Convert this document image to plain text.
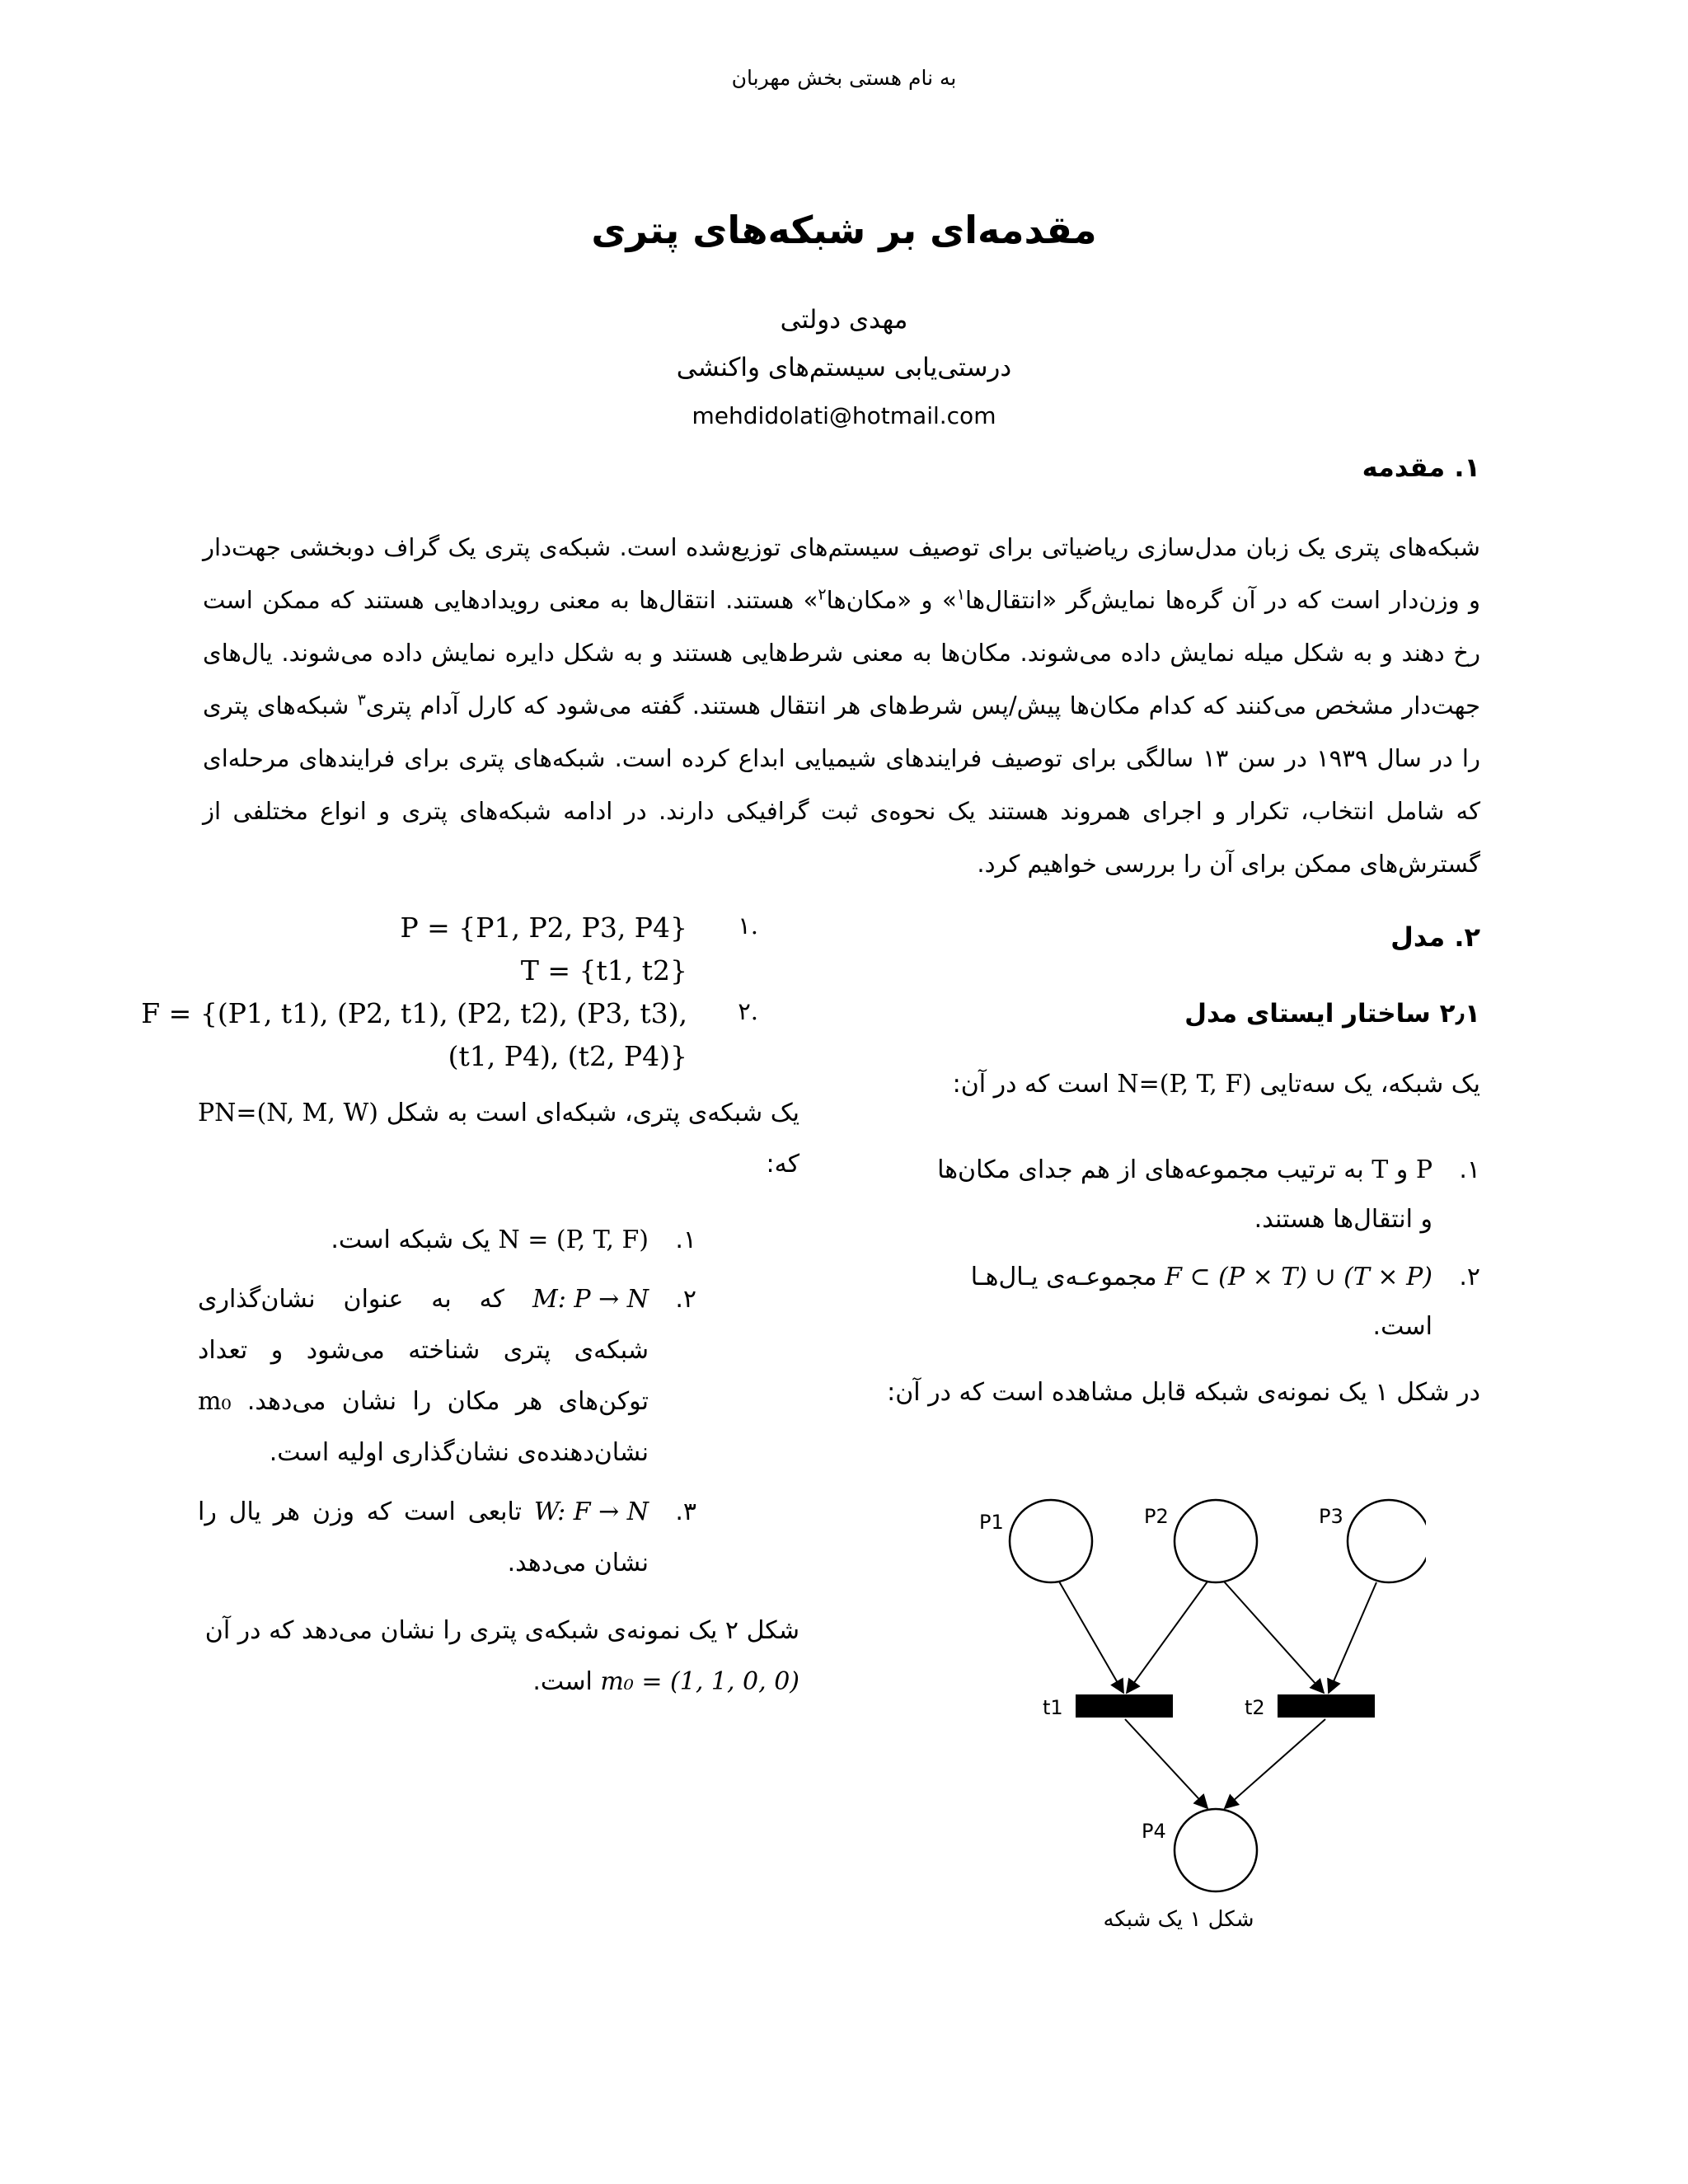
به نام هستی بخش مهربان
مقدمه‌ای بر شبکه‌های پتری
مهدی دولتی
درستی‌یابی سیستم‌های واکنشی
mehdidolati@hotmail.com
۱. مقدمه
شبکه‌های پتری یک زبان مدل‌سازی ریاضیاتی برای توصیف سیستم‌های توزیع‌شده است. شبکه‌ی پتری یک گراف دوبخشی جهت‌دار و وزن‌دار است که در آن گره‌ها نمایش‌گر «انتقال‌ها$^۱$» و «مکان‌ها$^۲$» هستند. انتقال‌ها به معنی رویدادهایی هستند که ممکن است رخ دهند و به شکل میله نمایش داده می‌شوند. مکان‌ها به معنی شرط‌هایی هستند و به شکل دایره نمایش داده می‌شوند. یال‌های جهت‌دار مشخص می‌کنند که کدام مکان‌ها پیش/پس شرط‌های هر انتقال هستند. گفته می‌شود که کارل آدام پتری$^۳$ شبکه‌های پتری را در سال ۱۹۳۹ در سن ۱۳ سالگی برای توصیف فرایندهای شیمیایی ابداع کرده است. شبکه‌های پتری برای فرایندهای مرحله‌ای که شامل انتخاب، تکرار و اجرای همروند هستند یک نحوه‌ی ثبت گرافیکی دارند. در ادامه شبکه‌های پتری و انواع مختلفی از گسترش‌های ممکن برای آن را بررسی خواهیم کرد.
۲. مدل
۲٫۱ ساختار ایستای مدل
یک شبکه، یک سه‌تایی N=(P, T, F) است که در آن:
۱.
P و T به ترتیب مجموعه‌های از هم جدای مکان‌ها و انتقال‌ها هستند.
۲.
F ⊂ (P × T) ∪ (T × P) مجموعـه‌ی یـال‌هـا است.
در شکل ۱ یک نمونه‌ی شبکه قابل مشاهده است که در آن:
۱.
P = {P1, P2, P3, P4}
T = {t1, t2}
۲.
F = {(P1, t1), (P2, t1), (P2, t2), (P3, t3),
(t1, P4), (t2, P4)}
یک شبکه‌ی پتری، شبکه‌ای است به شکل PN=(N, M, W) که:
۱.
N = (P, T, F) یک شبکه است.
۲.
M: P → N که به عنوان نشان‌گذاری شبکه‌ی پتری شناخته می‌شود و تعداد توکن‌های هر مکان را نشان می‌دهد. m₀ نشان‌دهنده‌ی نشان‌گذاری اولیه است.
۳.
W: F → N تابعی است که وزن هر یال را نشان می‌دهد.
شکل ۲ یک نمونه‌ی شبکه‌ی پتری را نشان می‌دهد که در آن m₀ = (1, 1, 0, 0) است.
P1	P2	P3
P4
t1	t2
شکل ۱ یک شبکه
